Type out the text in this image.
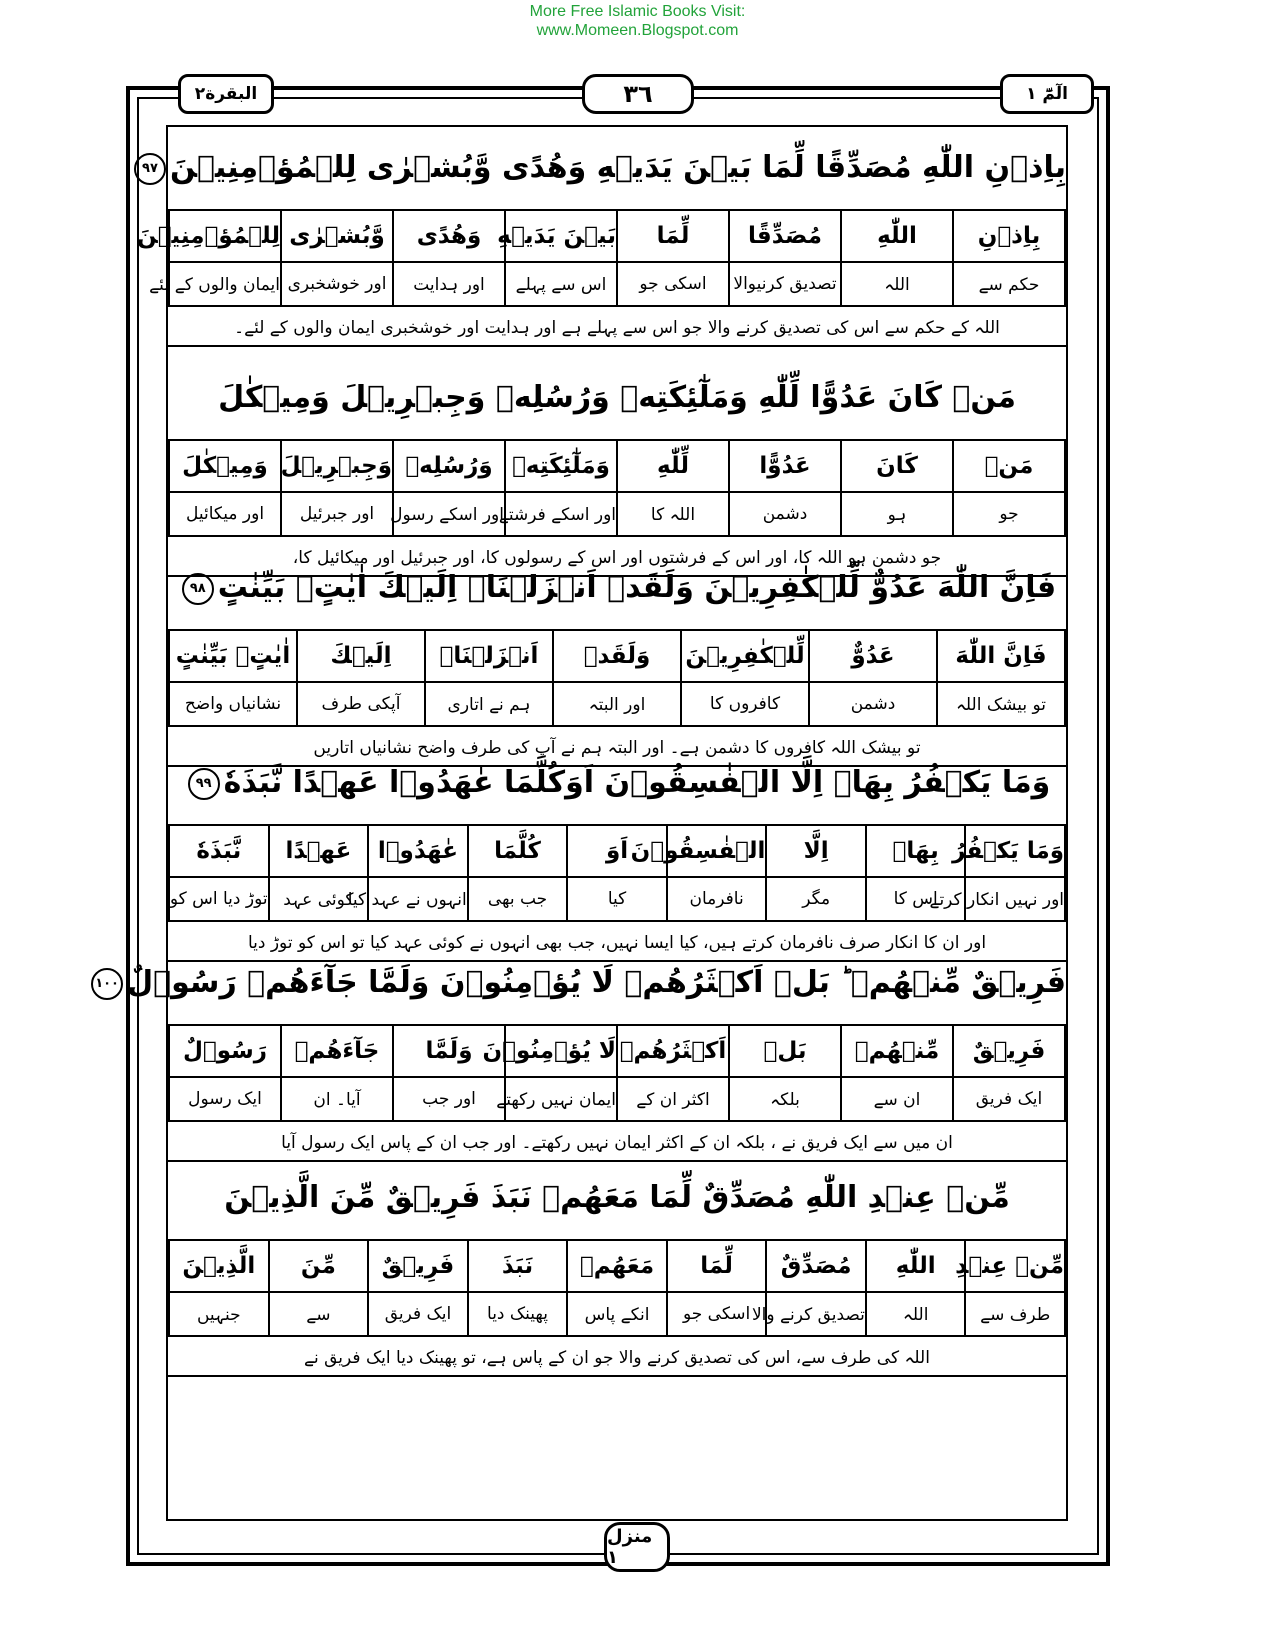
More Free Islamic Books Visit:
www.Momeen.Blogspot.com
البقرة٢	٣٦	الٓمّٓ ١
بِاِذۡنِ اللّٰهِ مُصَدِّقًا لِّمَا بَيۡنَ يَدَيۡهِ وَهُدًى وَّبُشۡرٰى لِلۡمُؤۡمِنِيۡنَ٩٧
بِاِذۡنِ	اللّٰهِ	مُصَدِّقًا	لِّمَا	بَيۡنَ يَدَيۡهِ	وَهُدًى	وَّبُشۡرٰى	لِلۡمُؤۡمِنِيۡنَ
حکم سے	اللہ	تصدیق کرنیوالا	اسکی جو	اس سے پہلے	اور ہدایت	اور خوشخبری	ایمان والوں کے لئے
اللہ کے حکم سے اس کی تصدیق کرنے والا جو اس سے پہلے ہے اور ہدایت اور خوشخبری ایمان والوں کے لئے۔
مَنۡ كَانَ عَدُوًّا لِّلّٰهِ وَمَلٰٓئِكَتِهٖ وَرُسُلِهٖ وَجِبۡرِيۡلَ وَمِيۡكٰلَ
مَنۡ	كَانَ	عَدُوًّا	لِّلّٰهِ	وَمَلٰٓئِكَتِهٖ	وَرُسُلِهٖ	وَجِبۡرِيۡلَ	وَمِيۡكٰلَ
جو	ہو	دشمن	اللہ کا	اور اسکے فرشتے	اور اسکے رسول	اور جبرئیل	اور میکائیل
جو دشمن ہو اللہ کا، اور اس کے فرشتوں اور اس کے رسولوں کا، اور جبرئیل اور میکائیل کا،
فَاِنَّ اللّٰهَ عَدُوٌّ لِّلۡكٰفِرِيۡنَ وَلَقَدۡ اَنۡزَلۡنَاۤ اِلَيۡكَ اٰيٰتٍۭ بَيِّنٰتٍ٩٨
فَاِنَّ اللّٰهَ	عَدُوٌّ	لِّلۡكٰفِرِيۡنَ	وَلَقَدۡ	اَنۡزَلۡنَاۤ	اِلَيۡكَ	اٰيٰتٍۭ بَيِّنٰتٍ
تو بیشک اللہ	دشمن	کافروں کا	اور البتہ	ہم نے اتاری	آپکی طرف	نشانیاں واضح
تو بیشک اللہ کافروں کا دشمن ہے۔ اور البتہ ہم نے آپ کی طرف واضح نشانیاں اتاریں
وَمَا يَكۡفُرُ بِهَاۤ اِلَّا الۡفٰسِقُوۡنَ اَوَكُلَّمَا عٰهَدُوۡا عَهۡدًا نَّبَذَهٗ٩٩
وَمَا يَكۡفُرُ	بِهَاۤ	اِلَّا	الۡفٰسِقُوۡنَ	اَوَ	كُلَّمَا	عٰهَدُوۡا	عَهۡدًا	نَّبَذَهٗ
اور نہیں انکار کرتے	اس کا	مگر	نافرمان	کیا	جب بھی	انہوں نے عہد کیا	کوئی عہد	توڑ دیا اس کو
اور ان کا انکار صرف نافرمان کرتے ہیں، کیا ایسا نہیں، جب بھی انہوں نے کوئی عہد کیا تو اس کو توڑ دیا
فَرِيۡقٌ مِّنۡهُمۡ ؕ بَلۡ اَكۡثَرُهُمۡ لَا يُؤۡمِنُوۡنَ وَلَمَّا جَآءَهُمۡ رَسُوۡلٌ١٠٠
فَرِيۡقٌ	مِّنۡهُمۡ	بَلۡ	اَكۡثَرُهُمۡ	لَا يُؤۡمِنُوۡنَ	وَلَمَّا	جَآءَهُمۡ	رَسُوۡلٌ
ایک فریق	ان سے	بلکہ	اکثر ان کے	ایمان نہیں رکھتے	اور جب	آیا۔ ان	ایک رسول
ان میں سے ایک فریق نے ، بلکہ ان کے اکثر ایمان نہیں رکھتے۔ اور جب ان کے پاس ایک رسول آیا
مِّنۡ عِنۡدِ اللّٰهِ مُصَدِّقٌ لِّمَا مَعَهُمۡ نَبَذَ فَرِيۡقٌ مِّنَ الَّذِيۡنَ
مِّنۡ عِنۡدِ	اللّٰهِ	مُصَدِّقٌ	لِّمَا	مَعَهُمۡ	نَبَذَ	فَرِيۡقٌ	مِّنَ	الَّذِيۡنَ
طرف سے	اللہ	تصدیق کرنے والا	اسکی جو	انکے پاس	پھینک دیا	ایک فریق	سے	جنہیں
اللہ کی طرف سے، اس کی تصدیق کرنے والا جو ان کے پاس ہے، تو پھینک دیا ایک فریق نے
منزل ١
